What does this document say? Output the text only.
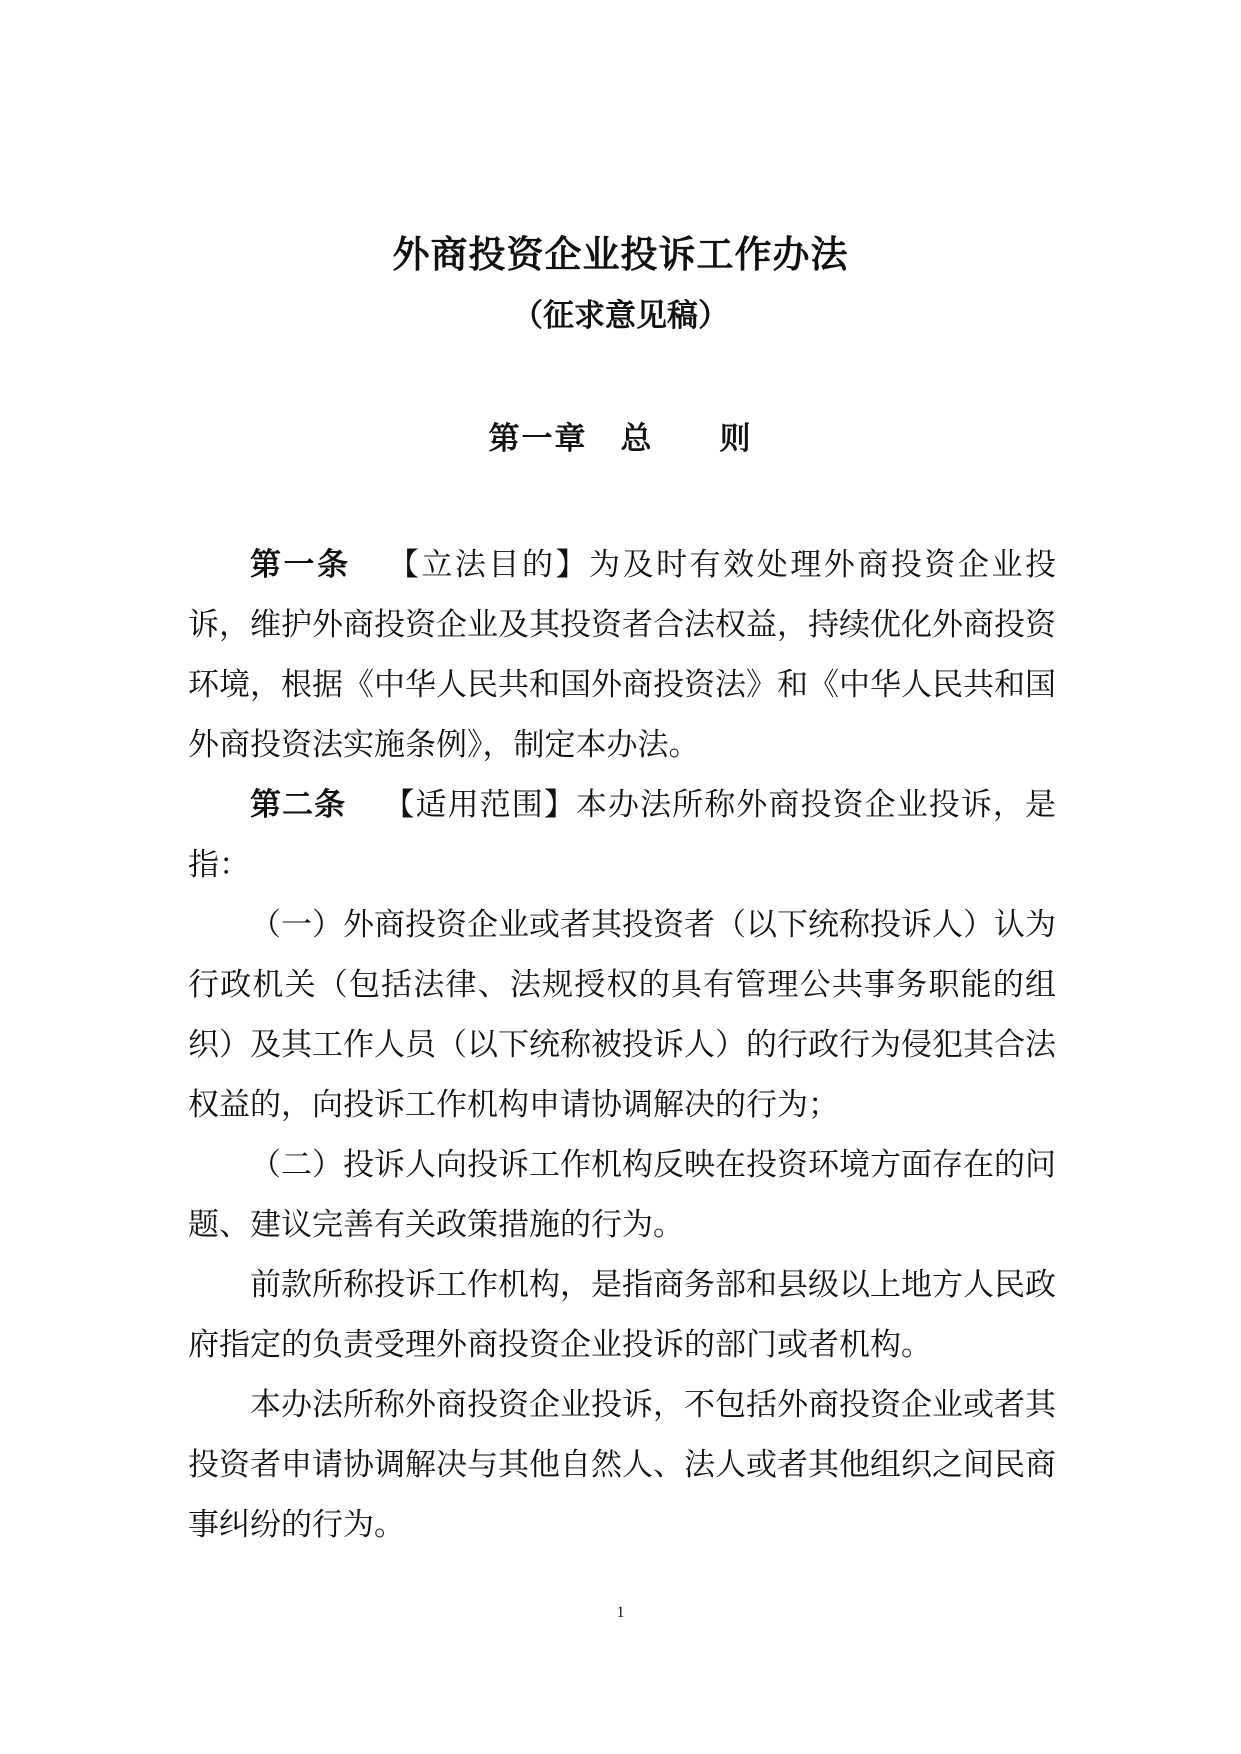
外商投资企业投诉工作办法
（征求意见稿）
第一章　总　　则

第一条 【立法目的】为及时有效处理外商投资企业投诉，维护外商投资企业及其投资者合法权益，持续优化外商投资环境，根据《中华人民共和国外商投资法》和《中华人民共和国外商投资法实施条例》，制定本办法。

第二条 【适用范围】本办法所称外商投资企业投诉，是指：

（一）外商投资企业或者其投资者（以下统称投诉人）认为行政机关（包括法律、法规授权的具有管理公共事务职能的组织）及其工作人员（以下统称被投诉人）的行政行为侵犯其合法权益的，向投诉工作机构申请协调解决的行为；

（二）投诉人向投诉工作机构反映在投资环境方面存在的问题、建议完善有关政策措施的行为。

前款所称投诉工作机构，是指商务部和县级以上地方人民政府指定的负责受理外商投资企业投诉的部门或者机构。

本办法所称外商投资企业投诉，不包括外商投资企业或者其投资者申请协调解决与其他自然人、法人或者其他组织之间民商事纠纷的行为。

1
